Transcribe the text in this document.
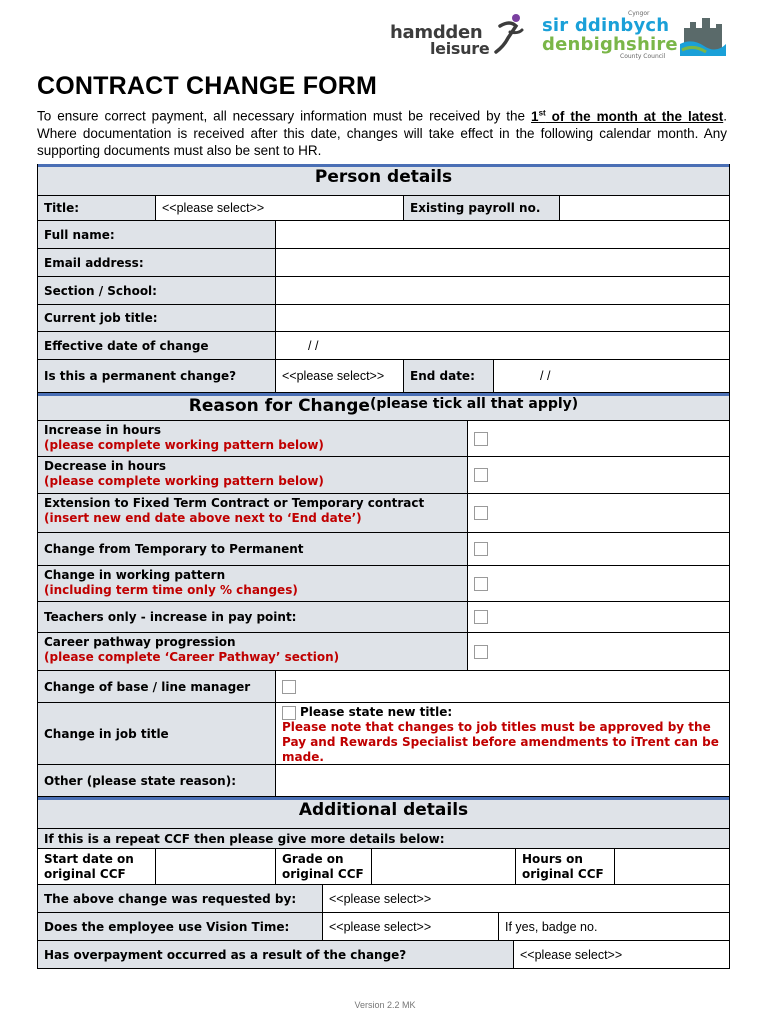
hamdden
leisure
Cyngor
sir ddinbych
denbighshire
County Council
CONTRACT CHANGE FORM
To ensure correct payment, all necessary information must be received by the 1st of the month at the latest. Where documentation is received after this date, changes will take effect in the following calendar month. Any supporting documents must also be sent to HR.
Person details
Title:	<<please select>>	Existing payroll no.
Full name:
Email address:
Section / School:
Current job title:
Effective date of change	/ /
Is this a permanent change?	<<please select>>	End date:	/ /
Reason for Change (please tick all that apply)
Increase in hours
(please complete working pattern below)
Decrease in hours
(please complete working pattern below)
Extension to Fixed Term Contract or Temporary contract
(insert new end date above next to ‘End date’)
Change from Temporary to Permanent
Change in working pattern
(including term time only % changes)
Teachers only - increase in pay point:
Career pathway progression
(please complete ‘Career Pathway’ section)
Change of base / line manager
Change in job title
Please state new title:
Please note that changes to job titles must be approved by the Pay and Rewards Specialist before amendments to iTrent can be made.
Other (please state reason):
Additional details
If this is a repeat CCF then please give more details below:
Start date on original CCF
Grade on original CCF
Hours on original CCF
The above change was requested by:	<<please select>>
Does the employee use Vision Time:	<<please select>>	If yes, badge no.
Has overpayment occurred as a result of the change?	<<please select>>
Version 2.2 MK
